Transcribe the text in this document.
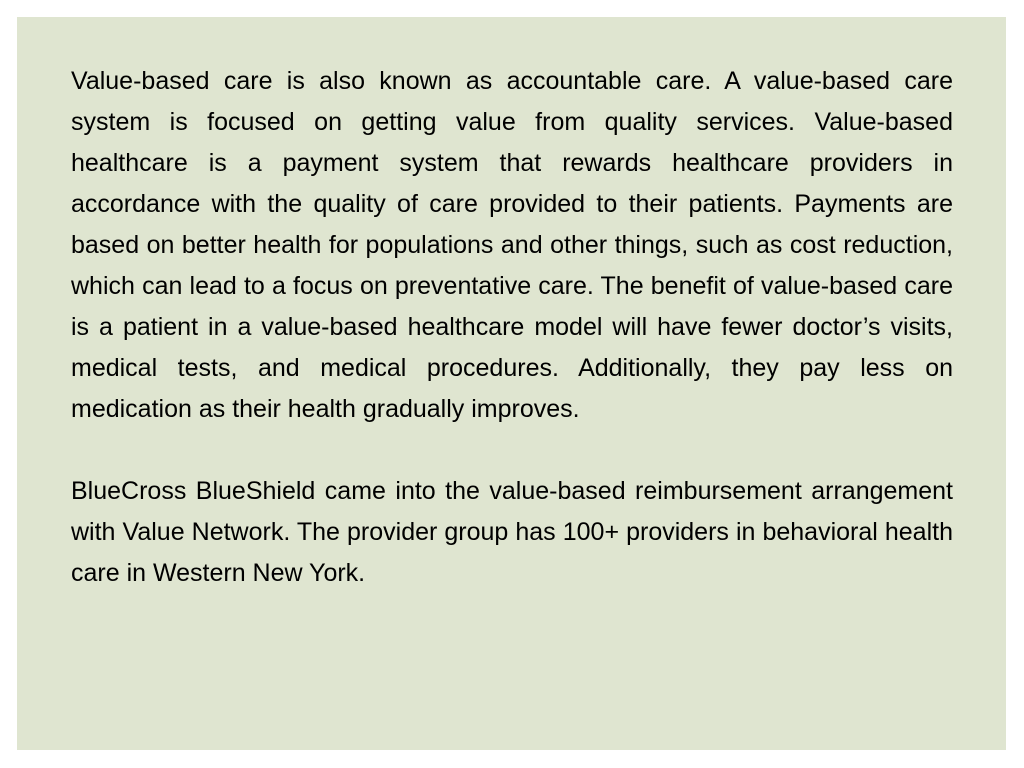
Value-based care is also known as accountable care. A value-based care system is focused on getting value from quality services. Value-based healthcare is a payment system that rewards healthcare providers in accordance with the quality of care provided to their patients. Payments are based on better health for populations and other things, such as cost reduction, which can lead to a focus on preventative care. The benefit of value-based care is a patient in a value-based healthcare model will have fewer doctor’s visits, medical tests, and medical procedures. Additionally, they pay less on medication as their health gradually improves.

BlueCross BlueShield came into the value-based reimbursement arrangement with Value Network. The provider group has 100+ providers in behavioral health care in Western New York.
